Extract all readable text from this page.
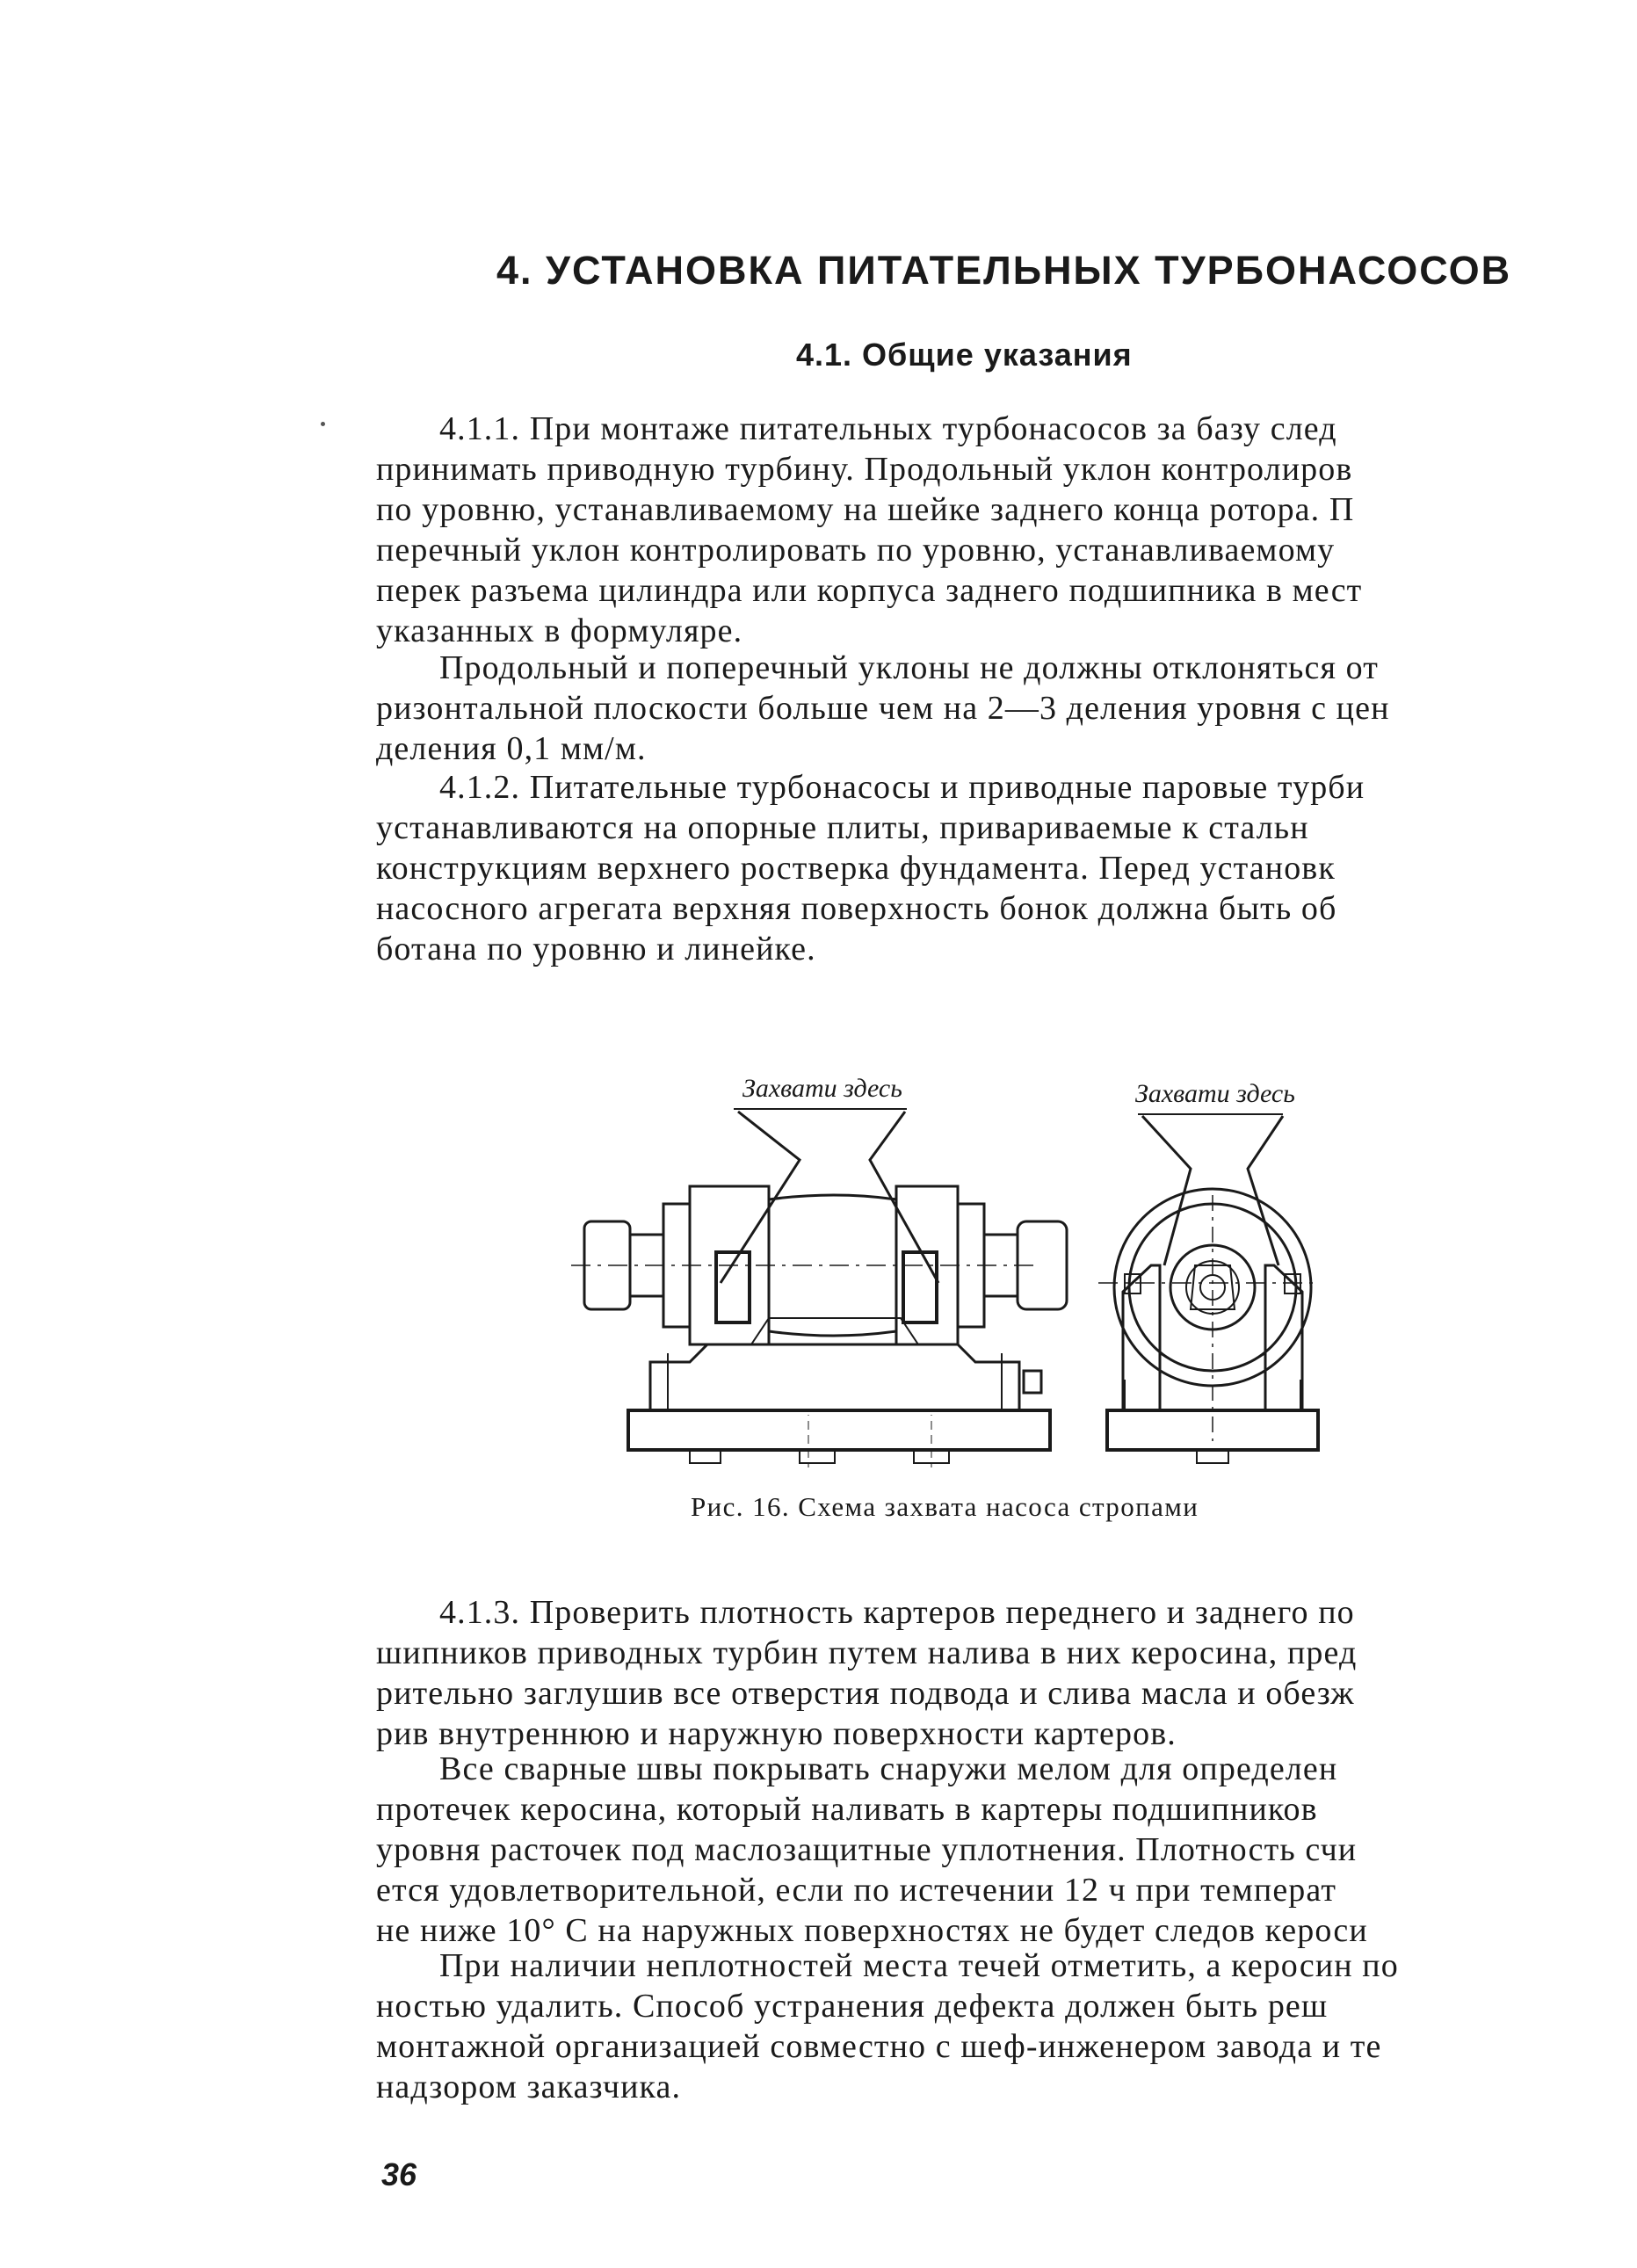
4. УСТАНОВКА ПИТАТЕЛЬНЫХ ТУРБОНАСОСОВ
4.1. Общие указания

4.1.1. При монтаже питательных турбонасосов за базу след

принимать приводную турбину. Продольный уклон контролиров

по уровню, устанавливаемому на шейке заднего конца ротора. П

перечный уклон контролировать по уровню, устанавливаемому

перек разъема цилиндра или корпуса заднего подшипника в мест

указанных в формуляре.

Продольный и поперечный уклоны не должны отклоняться от

ризонтальной плоскости больше чем на 2—3 деления уровня с цен

деления 0,1 мм/м.

4.1.2. Питательные турбонасосы и приводные паровые турби

устанавливаются на опорные плиты, привариваемые к стальн

конструкциям верхнего ростверка фундамента. Перед установк

насосного агрегата верхняя поверхность бонок должна быть об

ботана по уровню и линейке.

Захвати здесь	Захвати здесь
Рис. 16. Схема захвата насоса стропами

4.1.3. Проверить плотность картеров переднего и заднего по

шипников приводных турбин путем налива в них керосина, пред

рительно заглушив все отверстия подвода и слива масла и обезж

рив внутреннюю и наружную поверхности картеров.

Все сварные швы покрывать снаружи мелом для определен

протечек керосина, который наливать в картеры подшипников

уровня расточек под маслозащитные уплотнения. Плотность счи

ется удовлетворительной, если по истечении 12 ч при температ

не ниже 10° С на наружных поверхностях не будет следов кероси

При наличии неплотностей места течей отметить, а керосин по

ностью удалить. Способ устранения дефекта должен быть реш

монтажной организацией совместно с шеф-инженером завода и те

надзором заказчика.

36
